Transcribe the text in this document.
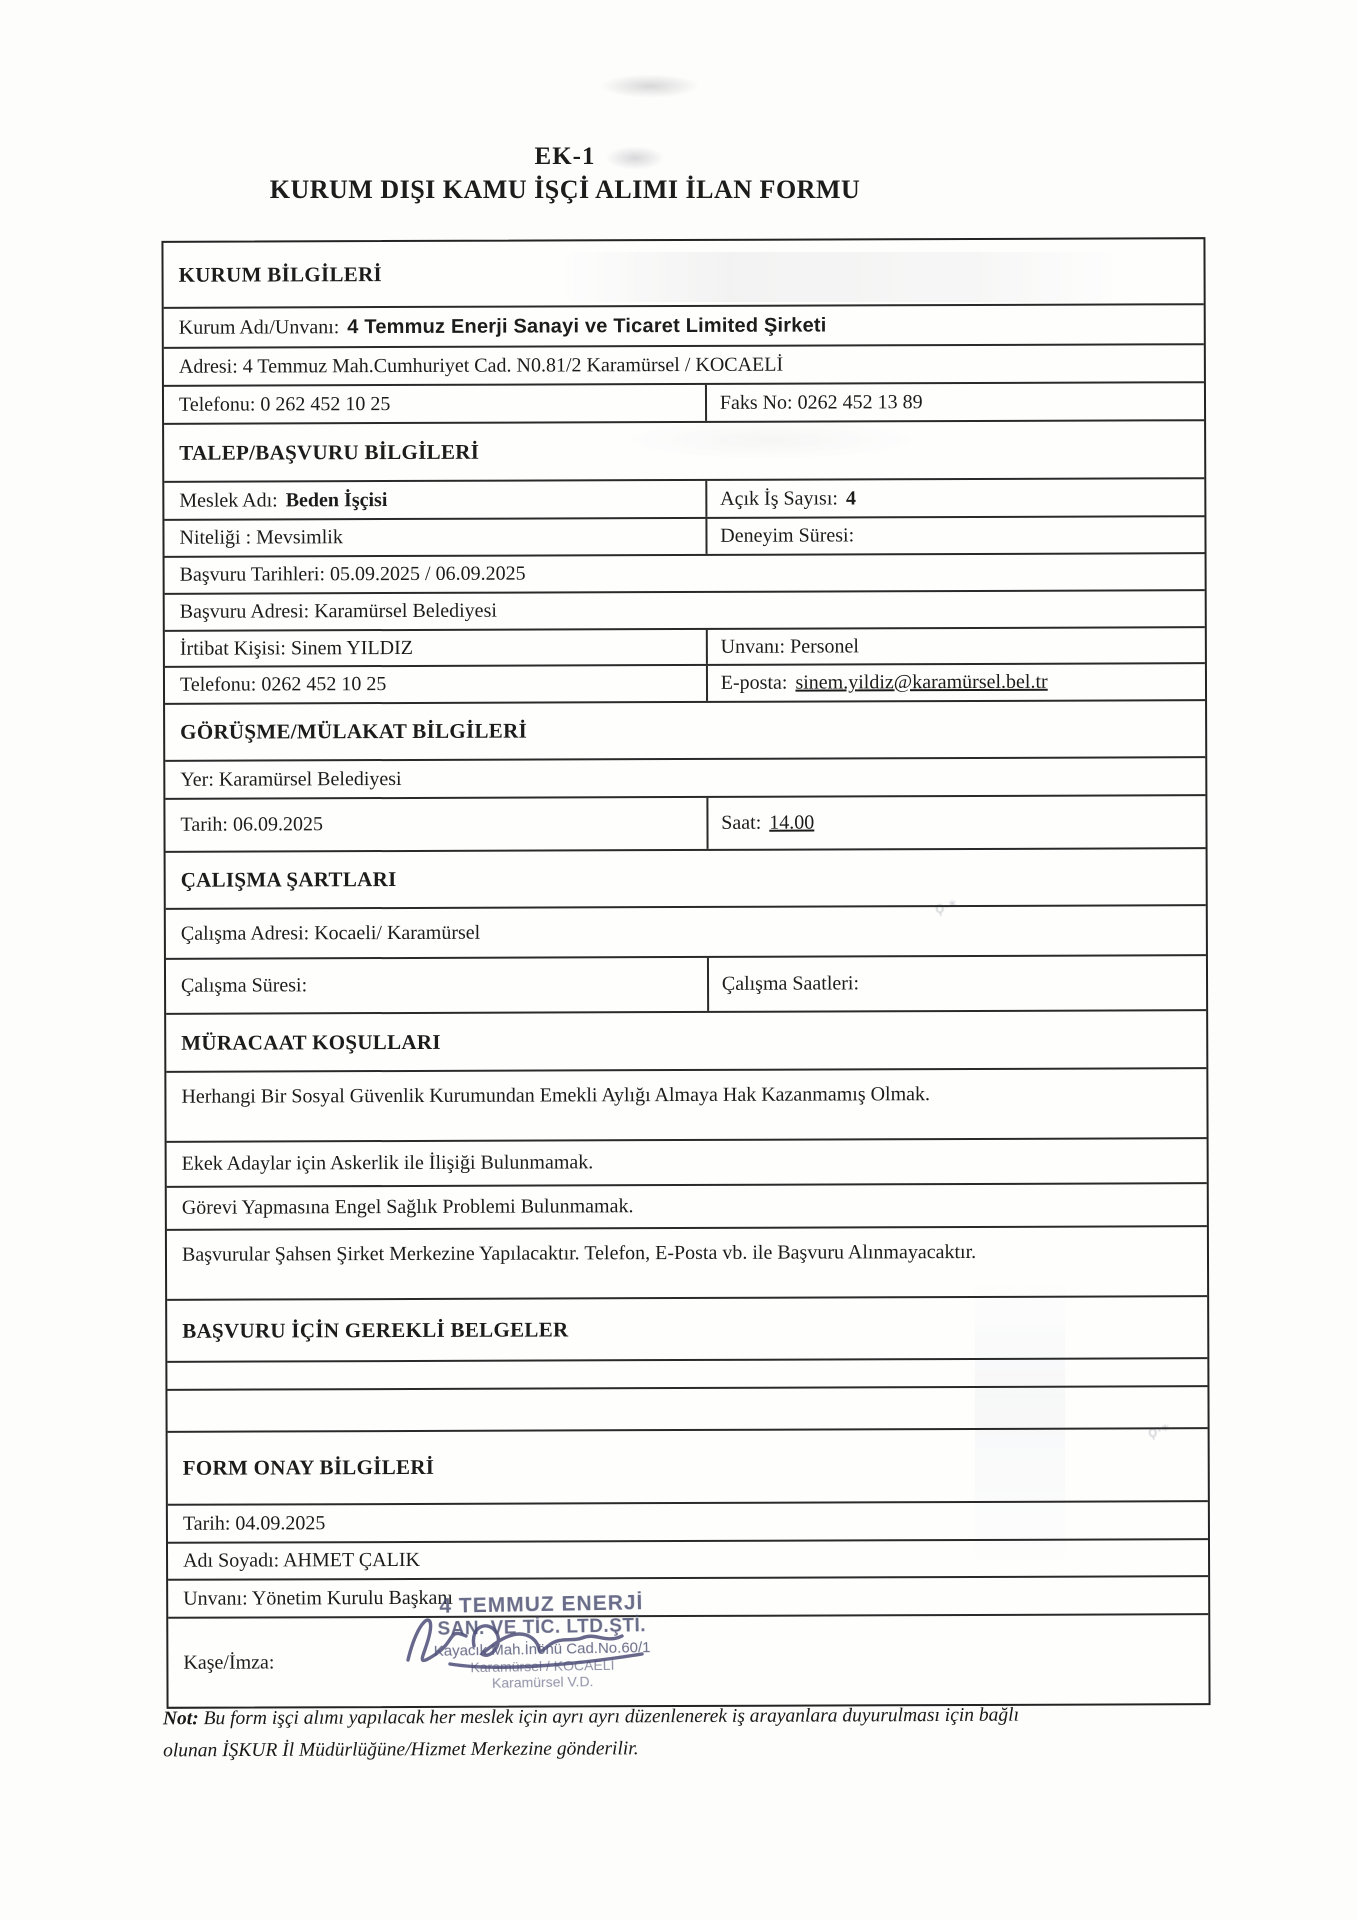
ϙ·*
ϙ·*
EK-1
KURUM DIŞI KAMU İŞÇİ ALIMI İLAN FORMU
KURUM BİLGİLERİ
Kurum Adı/Unvanı: 4 Temmuz Enerji Sanayi ve Ticaret Limited Şirketi
Adresi: 4 Temmuz Mah.Cumhuriyet Cad. N0.81/2 Karamürsel / KOCAELİ
Telefonu: 0 262 452 10 25	Faks No: 0262 452 13 89
TALEP/BAŞVURU BİLGİLERİ
Meslek Adı: Beden İşçisi	Açık İş Sayısı: 4
Niteliği : Mevsimlik	Deneyim Süresi:
Başvuru Tarihleri: 05.09.2025 / 06.09.2025
Başvuru Adresi: Karamürsel Belediyesi
İrtibat Kişisi: Sinem YILDIZ	Unvanı: Personel
Telefonu: 0262 452 10 25	E-posta: sinem.yildiz@karamürsel.bel.tr
GÖRÜŞME/MÜLAKAT BİLGİLERİ
Yer: Karamürsel Belediyesi
Tarih: 06.09.2025	Saat: 14.00
ÇALIŞMA ŞARTLARI
Çalışma Adresi: Kocaeli/ Karamürsel
Çalışma Süresi:	Çalışma Saatleri:
MÜRACAAT KOŞULLARI
Herhangi Bir Sosyal Güvenlik Kurumundan Emekli Aylığı Almaya Hak Kazanmamış Olmak.
Ekek Adaylar için Askerlik ile İlişiği Bulunmamak.
Görevi Yapmasına Engel Sağlık Problemi Bulunmamak.
Başvurular Şahsen Şirket Merkezine Yapılacaktır. Telefon, E-Posta vb. ile Başvuru Alınmayacaktır.
BAŞVURU İÇİN GEREKLİ BELGELER
FORM ONAY BİLGİLERİ
Tarih: 04.09.2025
Adı Soyadı: AHMET ÇALIK
Unvanı: Yönetim Kurulu Başkanı
Kaşe/İmza:
4 TEMMUZ ENERJİ
SAN. VE TİC. LTD.ŞTİ.
Kayacık Mah.İnönü Cad.No.60/1
Karamürsel / KOCAELİ
Karamürsel V.D.
Not: Bu form işçi alımı yapılacak her meslek için ayrı ayrı düzenlenerek iş arayanlara duyurulması için bağlı
olunan İŞKUR İl Müdürlüğüne/Hizmet Merkezine gönderilir.
